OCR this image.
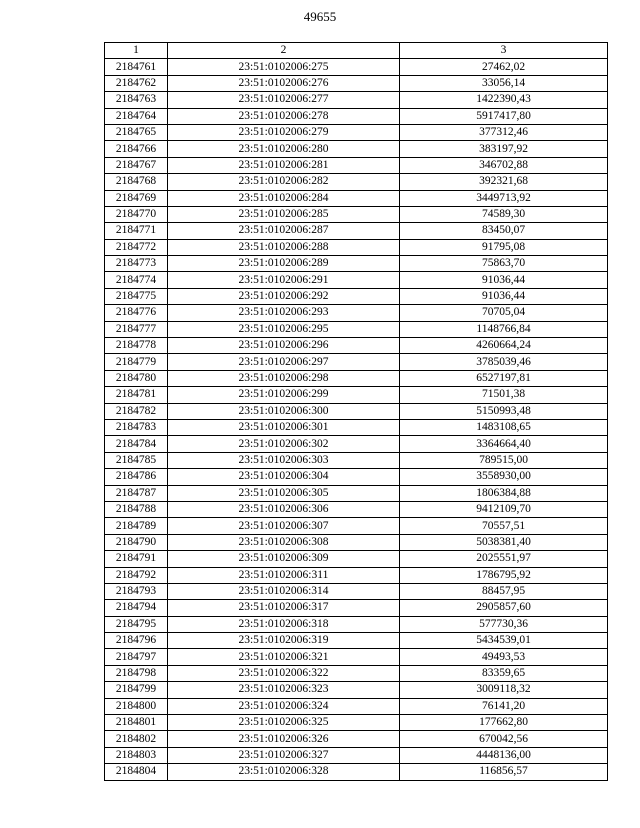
49655
1	2	3
2184761	23:51:0102006:275	27462,02
2184762	23:51:0102006:276	33056,14
2184763	23:51:0102006:277	1422390,43
2184764	23:51:0102006:278	5917417,80
2184765	23:51:0102006:279	377312,46
2184766	23:51:0102006:280	383197,92
2184767	23:51:0102006:281	346702,88
2184768	23:51:0102006:282	392321,68
2184769	23:51:0102006:284	3449713,92
2184770	23:51:0102006:285	74589,30
2184771	23:51:0102006:287	83450,07
2184772	23:51:0102006:288	91795,08
2184773	23:51:0102006:289	75863,70
2184774	23:51:0102006:291	91036,44
2184775	23:51:0102006:292	91036,44
2184776	23:51:0102006:293	70705,04
2184777	23:51:0102006:295	1148766,84
2184778	23:51:0102006:296	4260664,24
2184779	23:51:0102006:297	3785039,46
2184780	23:51:0102006:298	6527197,81
2184781	23:51:0102006:299	71501,38
2184782	23:51:0102006:300	5150993,48
2184783	23:51:0102006:301	1483108,65
2184784	23:51:0102006:302	3364664,40
2184785	23:51:0102006:303	789515,00
2184786	23:51:0102006:304	3558930,00
2184787	23:51:0102006:305	1806384,88
2184788	23:51:0102006:306	9412109,70
2184789	23:51:0102006:307	70557,51
2184790	23:51:0102006:308	5038381,40
2184791	23:51:0102006:309	2025551,97
2184792	23:51:0102006:311	1786795,92
2184793	23:51:0102006:314	88457,95
2184794	23:51:0102006:317	2905857,60
2184795	23:51:0102006:318	577730,36
2184796	23:51:0102006:319	5434539,01
2184797	23:51:0102006:321	49493,53
2184798	23:51:0102006:322	83359,65
2184799	23:51:0102006:323	3009118,32
2184800	23:51:0102006:324	76141,20
2184801	23:51:0102006:325	177662,80
2184802	23:51:0102006:326	670042,56
2184803	23:51:0102006:327	4448136,00
2184804	23:51:0102006:328	116856,57
